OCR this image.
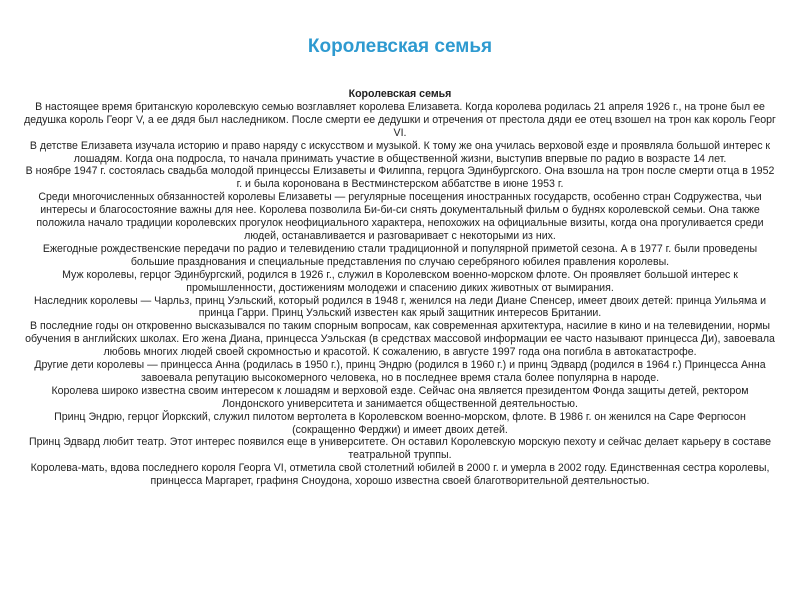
Королевская семья

Королевская семья

В настоящее время британскую королевскую семью возглавляет королева Елизавета. Когда королева родилась 21 апреля 1926 г., на троне был ее дедушка король Георг V, а ее дядя был наследником. После смерти ее дедушки и отречения от престола дяди ее отец взошел на трон как король Георг VI.

В детстве Елизавета изучала историю и право наряду с искусством и музыкой. К тому же она училась верховой езде и проявляла большой интерес к лошадям. Когда она подросла, то начала принимать участие в общественной жизни, выступив впервые по радио в возрасте 14 лет.

В ноябре 1947 г. состоялась свадьба молодой принцессы Елизаветы и Филиппа, герцога Эдинбургского. Она взошла на трон после смерти отца в 1952 г. и была коронована в Вестминстерском аббатстве в июне 1953 г.

Среди многочисленных обязанностей королевы Елизаветы — регулярные посещения иностранных государств, особенно стран Содружества, чьи интересы и благосостояние важны для нее. Королева позволила Би-би-си снять документальный фильм о буднях королевской семьи. Она также положила начало традиции королевских прогулок неофициального характера, непохожих на официальные визиты, когда она прогуливается среди людей, останавливается и разговаривает с некоторыми из них.

Ежегодные рождественские передачи по радио и телевидению стали традиционной и популярной приметой сезона. А в 1977 г. были проведены большие празднования и специальные представления по случаю серебряного юбилея правления королевы.

Муж королевы, герцог Эдинбургский, родился в 1926 г., служил в Королевском военно-морском флоте. Он проявляет большой интерес к промышленности, достижениям молодежи и спасению диких животных от вымирания.

Наследник королевы — Чарльз, принц Уэльский, который родился в 1948 г, женился на леди Диане Спенсер, имеет двоих детей: принца Уильяма и принца Гарри. Принц Уэльский известен как ярый защитник интересов Британии.

В последние годы он откровенно высказывался по таким спорным вопросам, как современная архитектура, насилие в кино и на телевидении, нормы обучения в английских школах. Его жена Диана, принцесса Уэльская (в средствах массовой информации ее часто называют принцесса Ди), завоевала любовь многих людей своей скромностью и красотой. К сожалению, в августе 1997 года она погибла в автокатастрофе.

Другие дети королевы — принцесса Анна (родилась в 1950 г.), принц Эндрю (родился в 1960 г.) и принц Эдвард (родился в 1964 г.) Принцесса Анна завоевала репутацию высокомерного человека, но в последнее время стала более популярна в народе.

Королева широко известна своим интересом к лошадям и верховой езде. Сейчас она является президентом Фонда защиты детей, ректором Лондонского университета и занимается общественной деятельностью.

Принц Эндрю, герцог Йоркский, служил пилотом вертолета в Королевском военно-морском, флоте. В 1986 г. он женился на Саре Фергюсон (сокращенно Ферджи) и имеет двоих детей.

Принц Эдвард любит театр. Этот интерес появился еще в университете. Он оставил Королевскую морскую пехоту и сейчас делает карьеру в составе театральной труппы.

Королева-мать, вдова последнего короля Георга VI, отметила свой столетний юбилей в 2000 г. и умерла в 2002 году. Единственная сестра королевы, принцесса Маргарет, графиня Сноудона, хорошо известна своей благотворительной деятельностью.
